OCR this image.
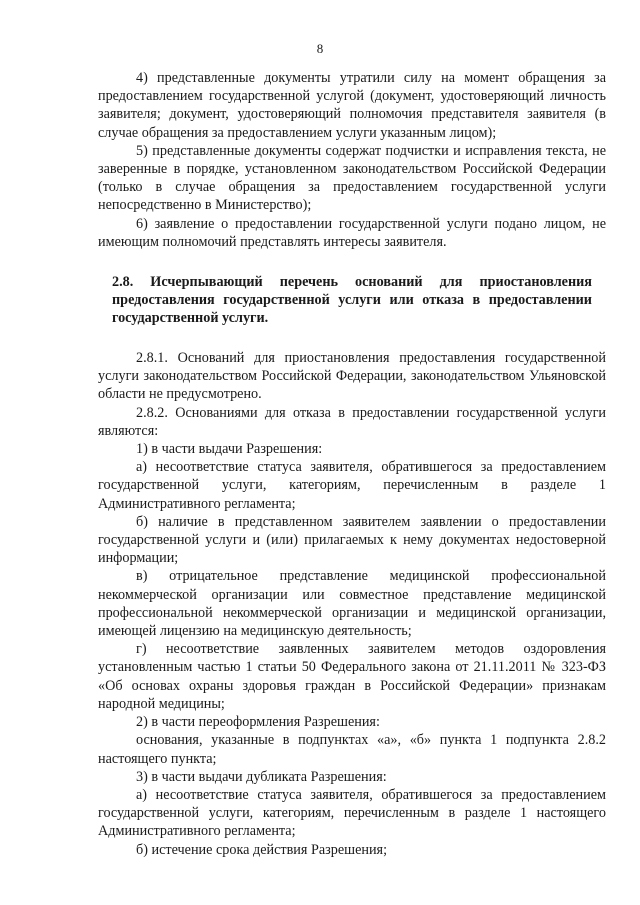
8

4) представленные документы утратили силу на момент обращения за предоставлением государственной услугой (документ, удостоверяющий личность заявителя; документ, удостоверяющий полномочия представителя заявителя (в случае обращения за предоставлением услуги указанным лицом);

5) представленные документы содержат подчистки и исправления текста, не заверенные в порядке, установленном законодательством Российской Федерации (только в случае обращения за предоставлением государственной услуги непосредственно в Министерство);

6) заявление о предоставлении государственной услуги подано лицом, не имеющим полномочий представлять интересы заявителя.

2.8. Исчерпывающий перечень оснований для приостановления предоставления государственной услуги или отказа в предоставлении государственной услуги.

2.8.1. Оснований для приостановления предоставления государственной услуги законодательством Российской Федерации, законодательством Ульяновской области не предусмотрено.

2.8.2. Основаниями для отказа в предоставлении государственной услуги являются:

1) в части выдачи Разрешения:

а) несоответствие статуса заявителя, обратившегося за предоставлением государственной услуги, категориям, перечисленным в разделе 1 Административного регламента;

б) наличие в представленном заявителем заявлении о предоставлении государственной услуги и (или) прилагаемых к нему документах недостоверной информации;

в) отрицательное представление медицинской профессиональной некоммерческой организации или совместное представление медицинской профессиональной некоммерческой организации и медицинской организации, имеющей лицензию на медицинскую деятельность;

г) несоответствие заявленных заявителем методов оздоровления установленным частью 1 статьи 50 Федерального закона от 21.11.2011 № 323-ФЗ «Об основах охраны здоровья граждан в Российской Федерации» признакам народной медицины;

2) в части переоформления Разрешения:

основания, указанные в подпунктах «а», «б» пункта 1 подпункта 2.8.2 настоящего пункта;

3) в части выдачи дубликата Разрешения:

а) несоответствие статуса заявителя, обратившегося за предоставлением государственной услуги, категориям, перечисленным в разделе 1 настоящего Административного регламента;

б) истечение срока действия Разрешения;
